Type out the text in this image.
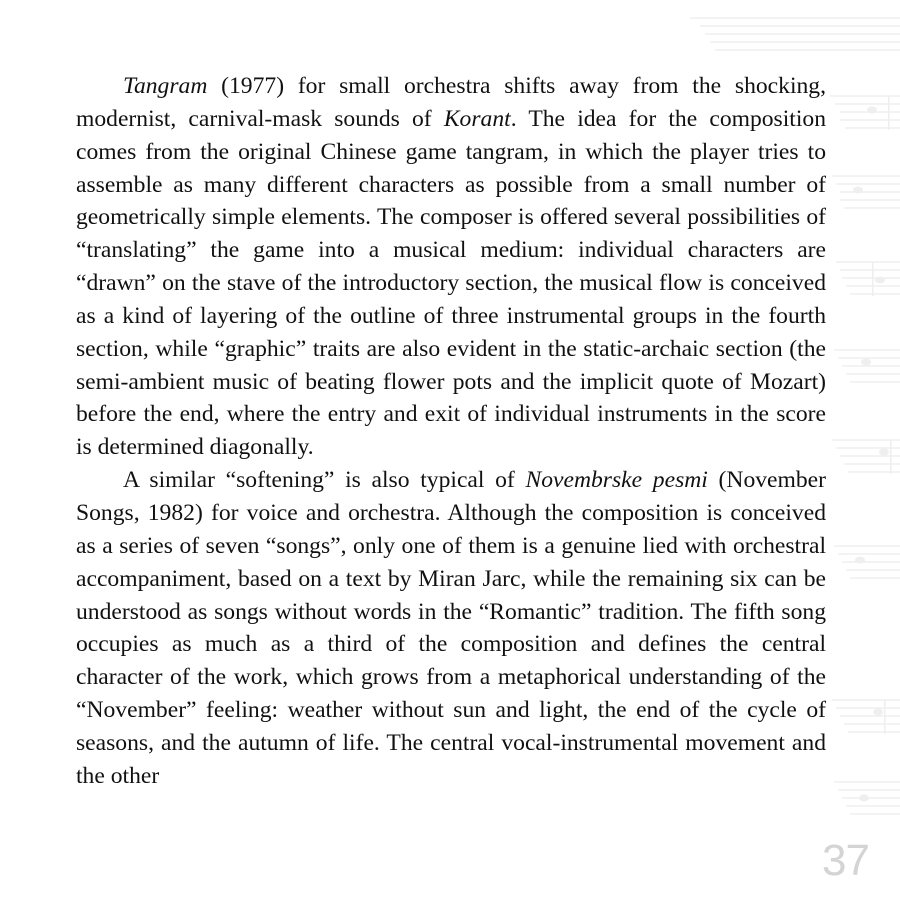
Tangram (1977) for small orchestra shifts away from the shocking, modernist, carnival-mask sounds of Korant. The idea for the composition comes from the original Chinese game tangram, in which the player tries to assemble as many different characters as possible from a small number of geometrically simple elements. The composer is offered several possibilities of “translating” the game into a musical medium: individual characters are “drawn” on the stave of the introductory section, the musical flow is conceived as a kind of layering of the outline of three instrumental groups in the fourth section, while “graphic” traits are also evident in the static-archaic section (the semi-ambient music of beating flower pots and the implicit quote of Mozart) before the end, where the entry and exit of individual instruments in the score is determined diagonally.

A similar “softening” is also typical of Novembrske pesmi (November Songs, 1982) for voice and orchestra. Although the composition is conceived as a series of seven “songs”, only one of them is a genuine lied with orchestral accompaniment, based on a text by Miran Jarc, while the remaining six can be understood as songs without words in the “Romantic” tradition. The fifth song occupies as much as a third of the composition and defines the central character of the work, which grows from a metaphorical understanding of the “November” feeling: weather without sun and light, the end of the cycle of seasons, and the autumn of life. The central vocal-instrumental movement and the other

37
